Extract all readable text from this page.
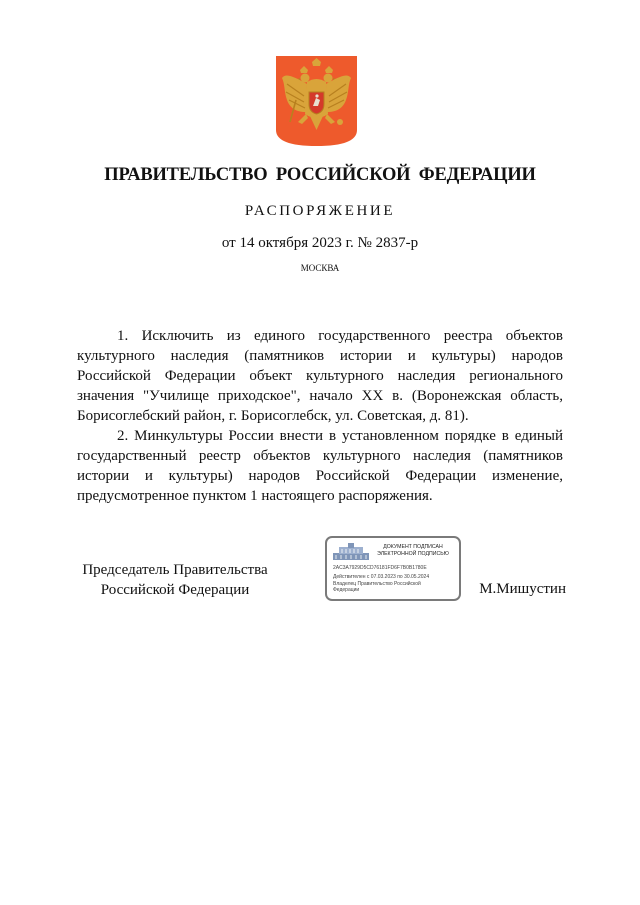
ПРАВИТЕЛЬСТВО РОССИЙСКОЙ ФЕДЕРАЦИИ
РАСПОРЯЖЕНИЕ
от 14 октября 2023 г. № 2837-р
МОСКВА

1. Исключить из единого государственного реестра объектов культурного наследия (памятников истории и культуры) народов Российской Федерации объект культурного наследия регионального значения "Училище приходское", начало XX в. (Воронежская область, Борисоглебский район, г. Борисоглебск, ул. Советская, д. 81).

2. Минкультуры России внести в установленном порядке в единый государственный реестр объектов культурного наследия (памятников истории и культуры) народов Российской Федерации изменение, предусмотренное пунктом 1 настоящего распоряжения.

Председатель Правительства
Российской Федерации
ДОКУМЕНТ ПОДПИСАН
ЭЛЕКТРОННОЙ ПОДПИСЬЮ
2AC3A7929D5CD76181FD6F7B0B1780E
Действителен с 07.03.2023 по 30.05.2024
Владелец Правительство Российской
Федерации	М.Мишустин
